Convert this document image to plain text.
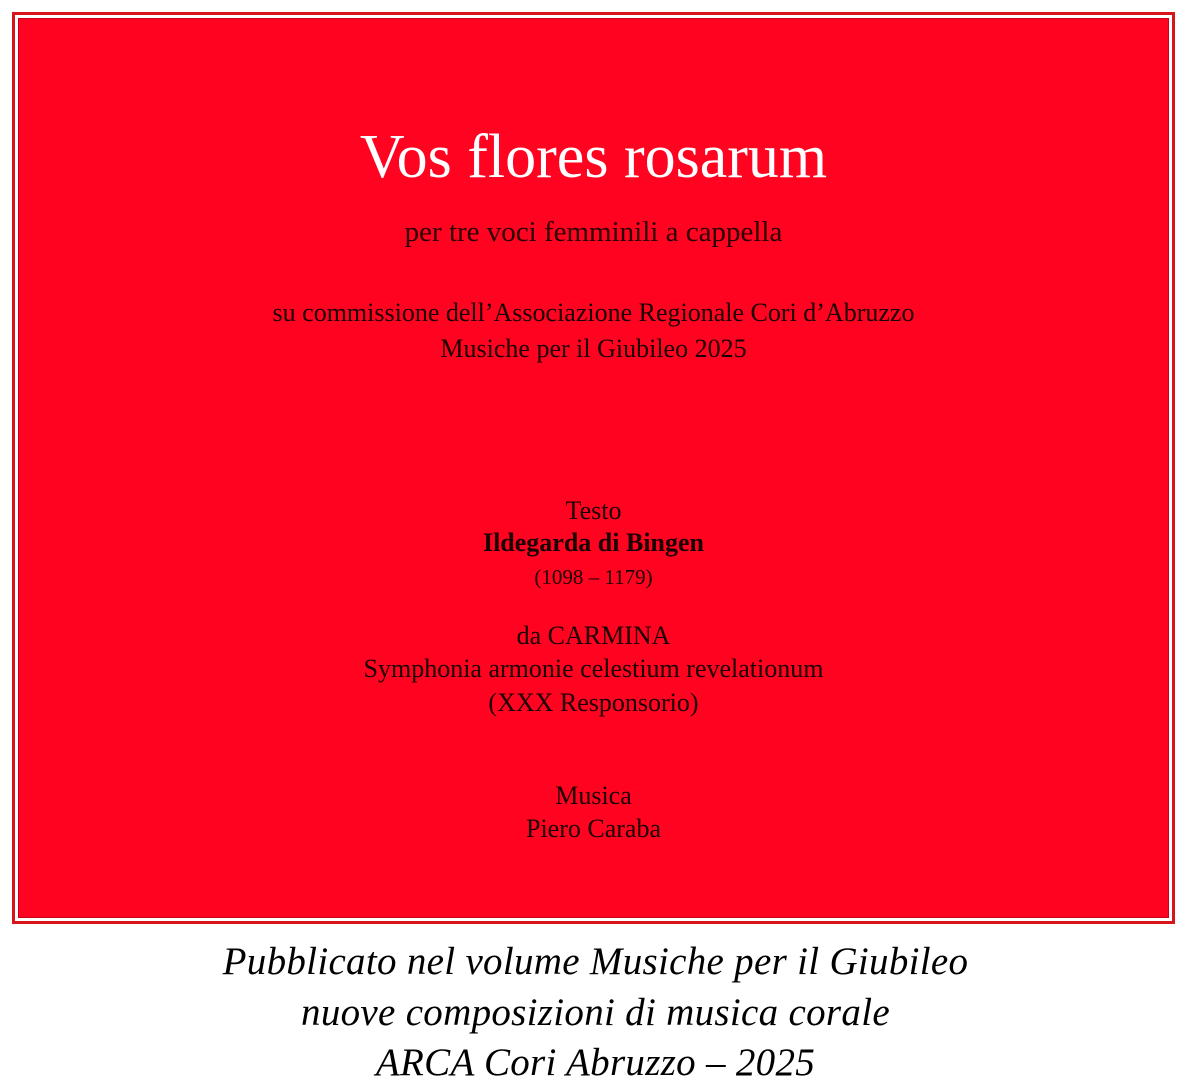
Vos flores rosarum
per tre voci femminili a cappella
su commissione dell’Associazione Regionale Cori d’Abruzzo
Musiche per il Giubileo 2025
Testo
Ildegarda di Bingen
(1098 – 1179)
da CARMINA
Symphonia armonie celestium revelationum
(XXX Responsorio)
Musica
Piero Caraba
Pubblicato nel volume Musiche per il Giubileo
nuove composizioni di musica corale
ARCA Cori Abruzzo – 2025
